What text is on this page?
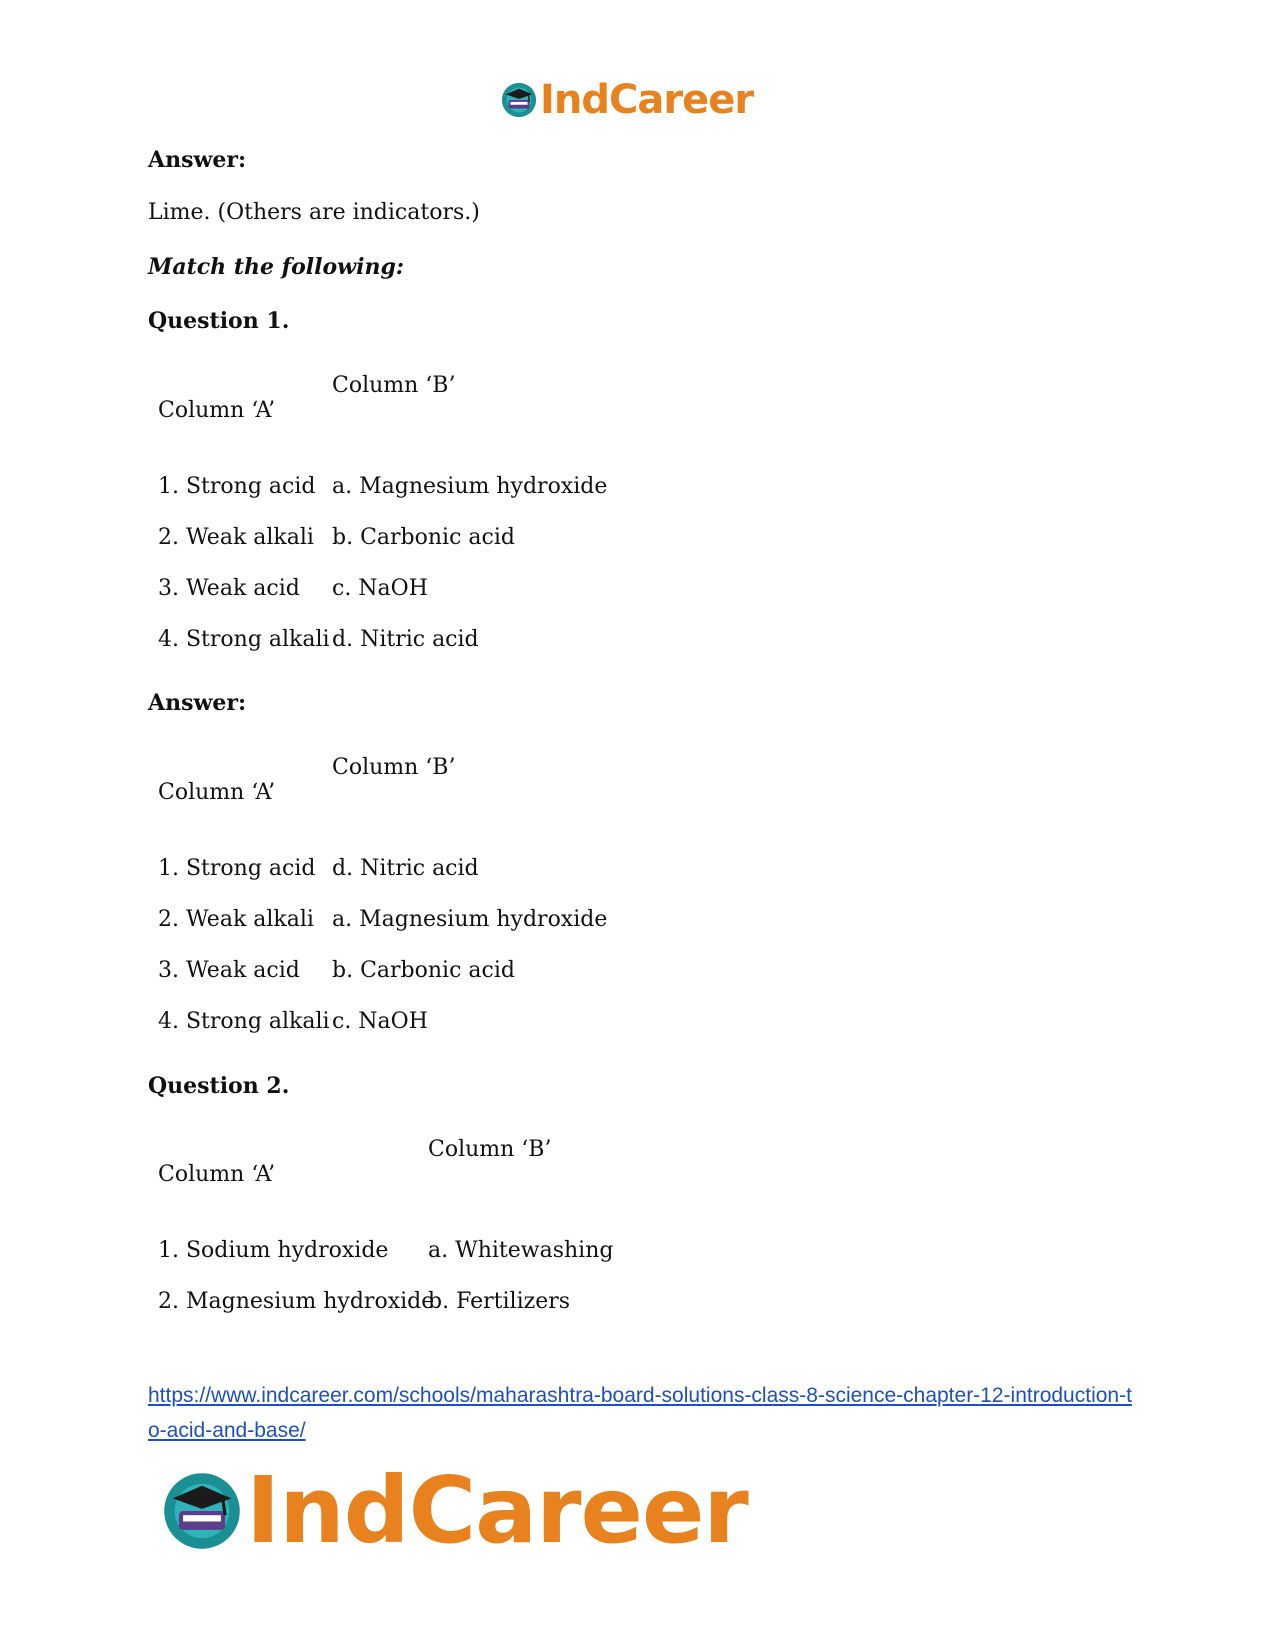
IndCareer
Answer:
Lime. (Others are indicators.)
Match the following:
Question 1.
Column ‘A’
Column ‘B’
1. Strong acid a. Magnesium hydroxide
2. Weak alkali b. Carbonic acid
3. Weak acid c. NaOH
4. Strong alkali d. Nitric acid
Answer:
Column ‘A’
Column ‘B’
1. Strong acid d. Nitric acid
2. Weak alkali a. Magnesium hydroxide
3. Weak acid b. Carbonic acid
4. Strong alkali c. NaOH
Question 2.
Column ‘A’
Column ‘B’
1. Sodium hydroxide a. Whitewashing
2. Magnesium hydroxide
b. Fertilizers
https://www.indcareer.com/schools/maharashtra-board-solutions-class-8-science-chapter-12-introduction-to-acid-and-base/
IndCareer
